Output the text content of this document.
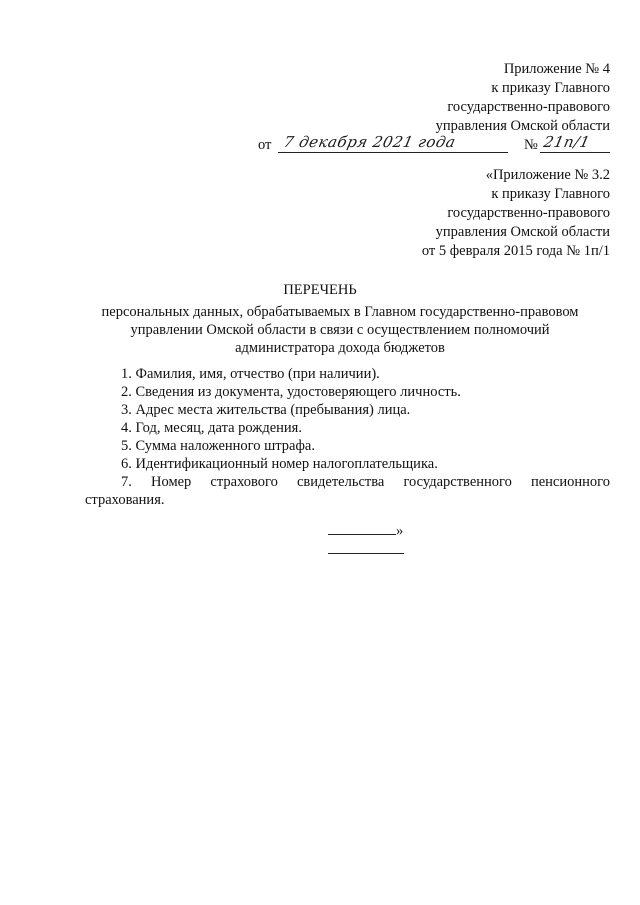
Приложение № 4
к приказу Главного
государственно-правового
управления Омской области
от 7 декабря 2021 года	№ 21п/1
«Приложение № 3.2
к приказу Главного
государственно-правового
управления Омской области
от 5 февраля 2015 года № 1п/1
ПЕРЕЧЕНЬ
персональных данных, обрабатываемых в Главном государственно-правовом
управлении Омской области в связи с осуществлением полномочий
администратора дохода бюджетов

1. Фамилия, имя, отчество (при наличии).

2. Сведения из документа, удостоверяющего личность.

3. Адрес места жительства (пребывания) лица.

4. Год, месяц, дата рождения.

5. Сумма наложенного штрафа.

6. Идентификационный номер налогоплательщика.

7. Номер страхового свидетельства государственного пенсионного страхования.

»
